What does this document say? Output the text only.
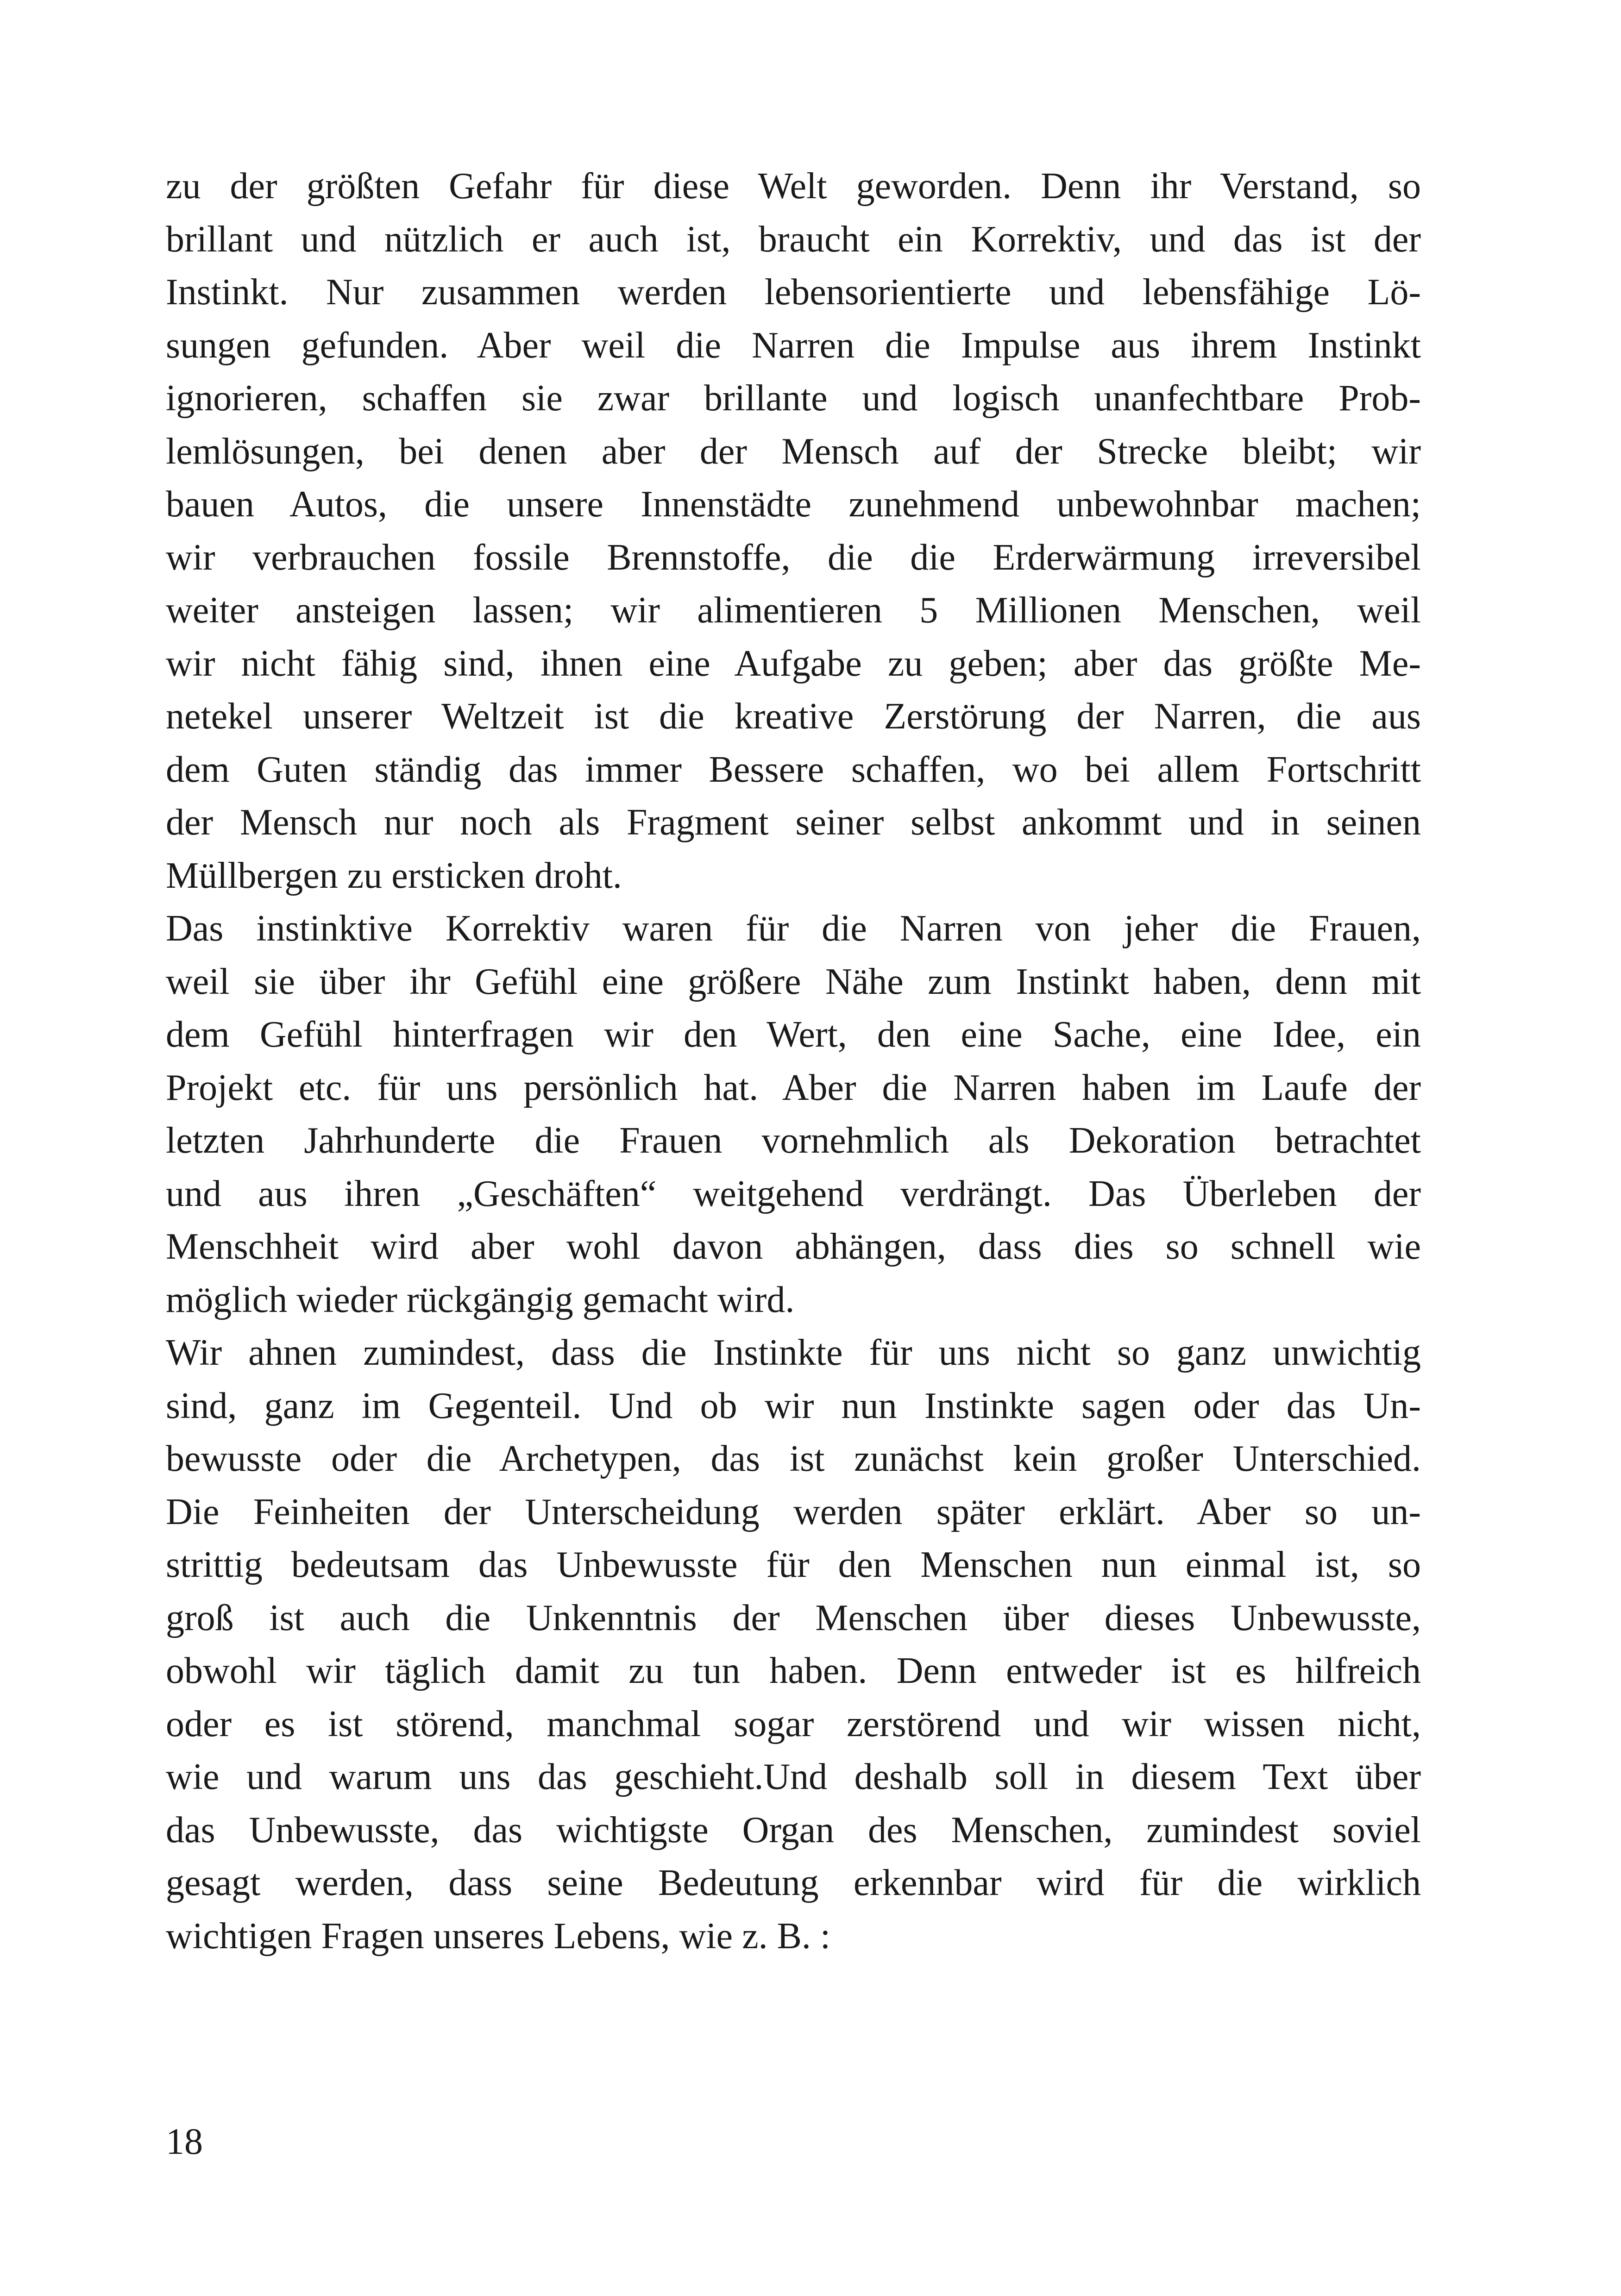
zu der größten Gefahr für diese Welt geworden. Denn ihr Verstand, so
brillant und nützlich er auch ist, braucht ein Korrektiv, und das ist der
Instinkt. Nur zusammen werden lebensorientierte und lebensfähige Lö-
sungen gefunden. Aber weil die Narren die Impulse aus ihrem Instinkt
ignorieren, schaffen sie zwar brillante und logisch unanfechtbare Prob-
lemlösungen, bei denen aber der Mensch auf der Strecke bleibt; wir
bauen Autos, die unsere Innenstädte zunehmend unbewohnbar machen;
wir verbrauchen fossile Brennstoffe, die die Erderwärmung irreversibel
weiter ansteigen lassen; wir alimentieren 5 Millionen Menschen, weil
wir nicht fähig sind, ihnen eine Aufgabe zu geben; aber das größte Me-
netekel unserer Weltzeit ist die kreative Zerstörung der Narren, die aus
dem Guten ständig das immer Bessere schaffen, wo bei allem Fortschritt
der Mensch nur noch als Fragment seiner selbst ankommt und in seinen
Müllbergen zu ersticken droht.
Das instinktive Korrektiv waren für die Narren von jeher die Frauen,
weil sie über ihr Gefühl eine größere Nähe zum Instinkt haben, denn mit
dem Gefühl hinterfragen wir den Wert, den eine Sache, eine Idee, ein
Projekt etc. für uns persönlich hat. Aber die Narren haben im Laufe der
letzten Jahrhunderte die Frauen vornehmlich als Dekoration betrachtet
und aus ihren „Geschäften“ weitgehend verdrängt. Das Überleben der
Menschheit wird aber wohl davon abhängen, dass dies so schnell wie
möglich wieder rückgängig gemacht wird.
Wir ahnen zumindest, dass die Instinkte für uns nicht so ganz unwichtig
sind, ganz im Gegenteil. Und ob wir nun Instinkte sagen oder das Un-
bewusste oder die Archetypen, das ist zunächst kein großer Unterschied.
Die Feinheiten der Unterscheidung werden später erklärt. Aber so un-
strittig bedeutsam das Unbewusste für den Menschen nun einmal ist, so
groß ist auch die Unkenntnis der Menschen über dieses Unbewusste,
obwohl wir täglich damit zu tun haben. Denn entweder ist es hilfreich
oder es ist störend, manchmal sogar zerstörend und wir wissen nicht,
wie und warum uns das geschieht.Und deshalb soll in diesem Text über
das Unbewusste, das wichtigste Organ des Menschen, zumindest soviel
gesagt werden, dass seine Bedeutung erkennbar wird für die wirklich
wichtigen Fragen unseres Lebens, wie z. B. :
18
